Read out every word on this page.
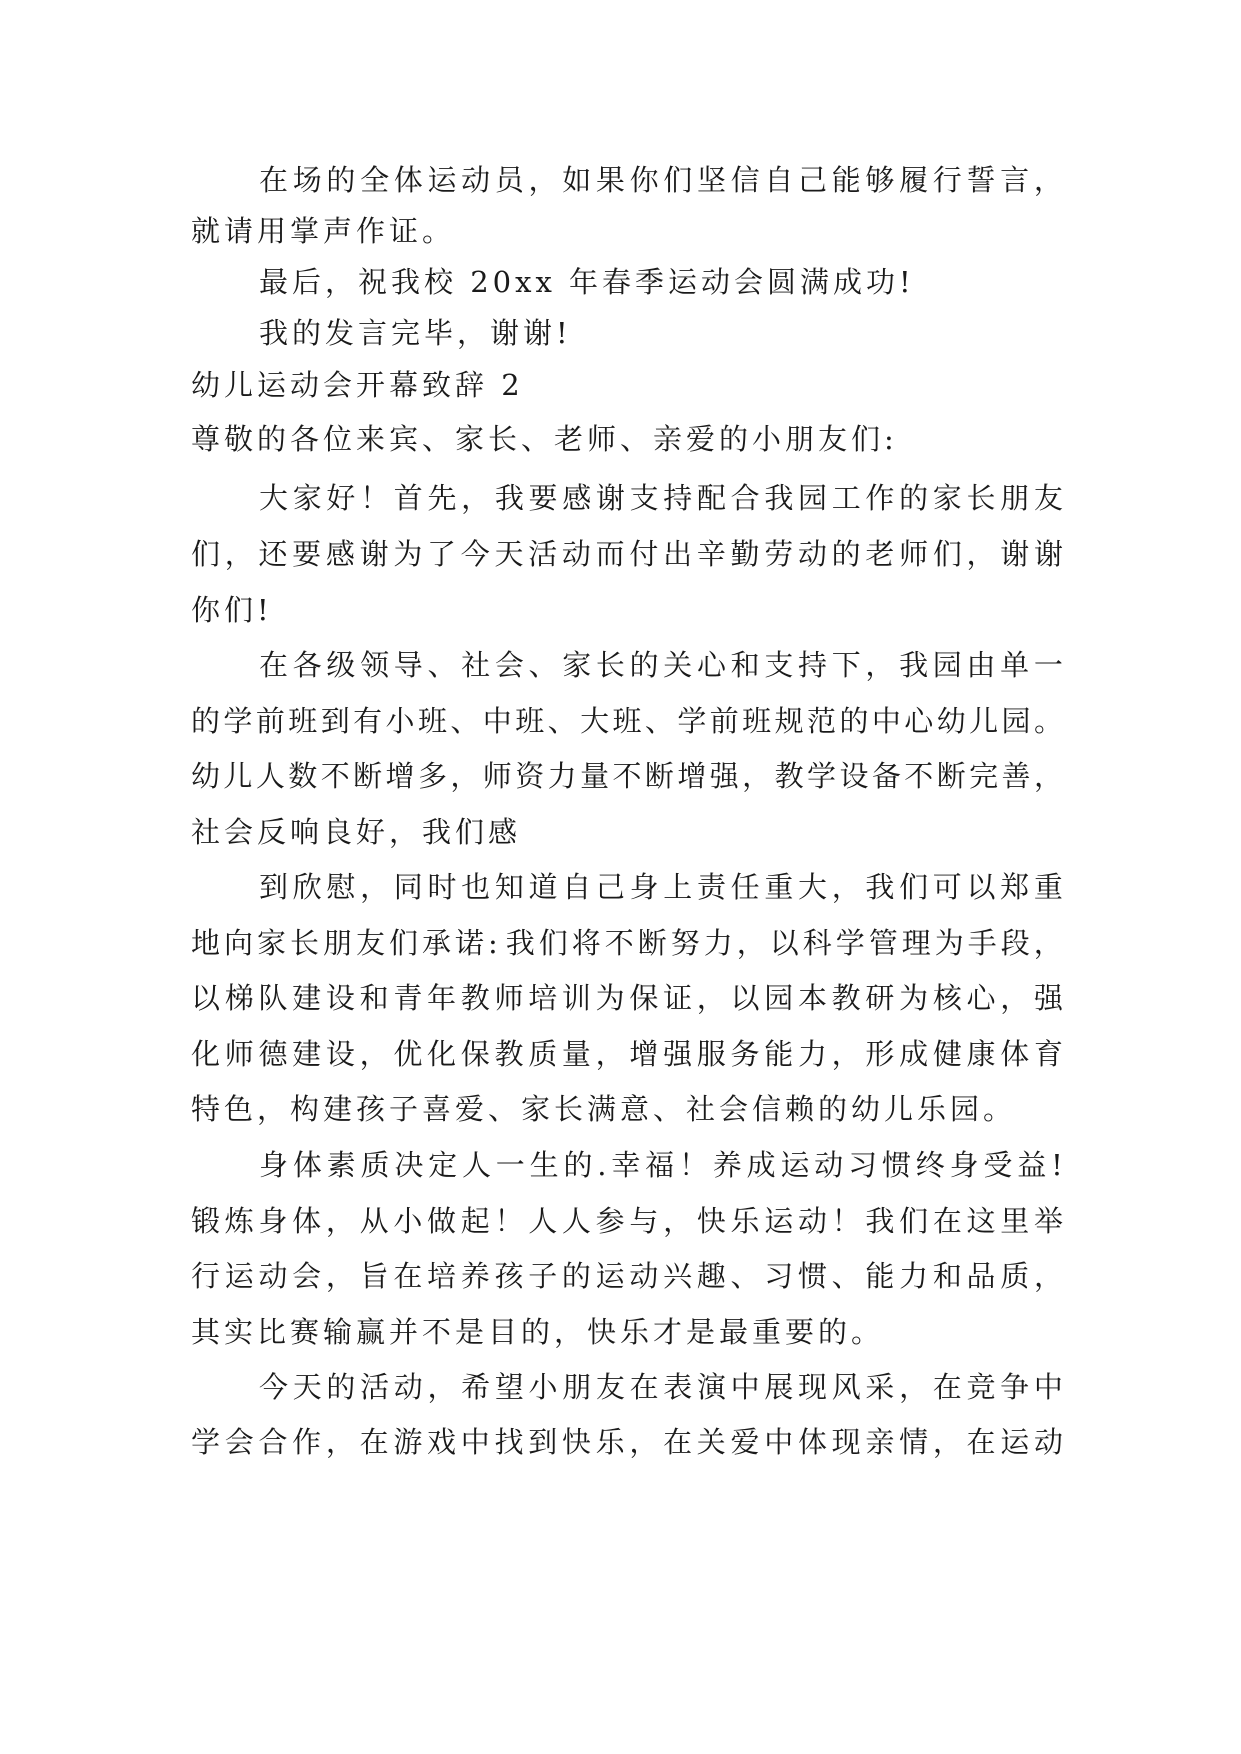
在 场 的 全 体 运 动 员 ， 如 果 你 们 坚 信 自 己 能 够 履 行 誓 言 ，
就请用掌声作证。
最后，祝我校 20xx 年春季运动会圆满成功!
我的发言完毕，谢谢!
幼儿运动会开幕致辞 2
尊敬的各位来宾、家长、老师、亲爱的小朋友们:
大 家 好 ！ 首 先 ， 我 要 感 谢 支 持 配 合 我 园 工 作 的 家 长 朋 友
们 ， 还 要 感 谢 为 了 今 天 活 动 而 付 出 辛 勤 劳 动 的 老 师 们 ， 谢 谢
你们!
在 各 级 领 导 、 社 会 、 家 长 的 关 心 和 支 持 下 ， 我 园 由 单 一
的 学 前 班 到 有 小 班 、 中 班 、 大 班 、 学 前 班 规 范 的 中 心 幼 儿 园 。
幼 儿 人 数 不 断 增 多 ， 师 资 力 量 不 断 增 强 ， 教 学 设 备 不 断 完 善 ，
社会反响良好，我们感
到 欣 慰 ， 同 时 也 知 道 自 己 身 上 责 任 重 大 ， 我 们 可 以 郑 重
地 向 家 长 朋 友 们 承 诺 : 我 们 将 不 断 努 力 ， 以 科 学 管 理 为 手 段 ，
以 梯 队 建 设 和 青 年 教 师 培 训 为 保 证 ， 以 园 本 教 研 为 核 心 ， 强
化 师 德 建 设 ， 优 化 保 教 质 量 ， 增 强 服 务 能 力 ， 形 成 健 康 体 育
特色，构建孩子喜爱、家长满意、社会信赖的幼儿乐园。
身 体 素 质 决 定 人 一 生 的 . 幸 福 ！ 养 成 运 动 习 惯 终 身 受 益 !
锻 炼 身 体 ， 从 小 做 起 ！ 人 人 参 与 ， 快 乐 运 动 ！ 我 们 在 这 里 举
行 运 动 会 ， 旨 在 培 养 孩 子 的 运 动 兴 趣 、 习 惯 、 能 力 和 品 质 ，
其实比赛输赢并不是目的，快乐才是最重要的。
今 天 的 活 动 ， 希 望 小 朋 友 在 表 演 中 展 现 风 采 ， 在 竞 争 中
学 会 合 作 ， 在 游 戏 中 找 到 快 乐 ， 在 关 爱 中 体 现 亲 情 ， 在 运 动
